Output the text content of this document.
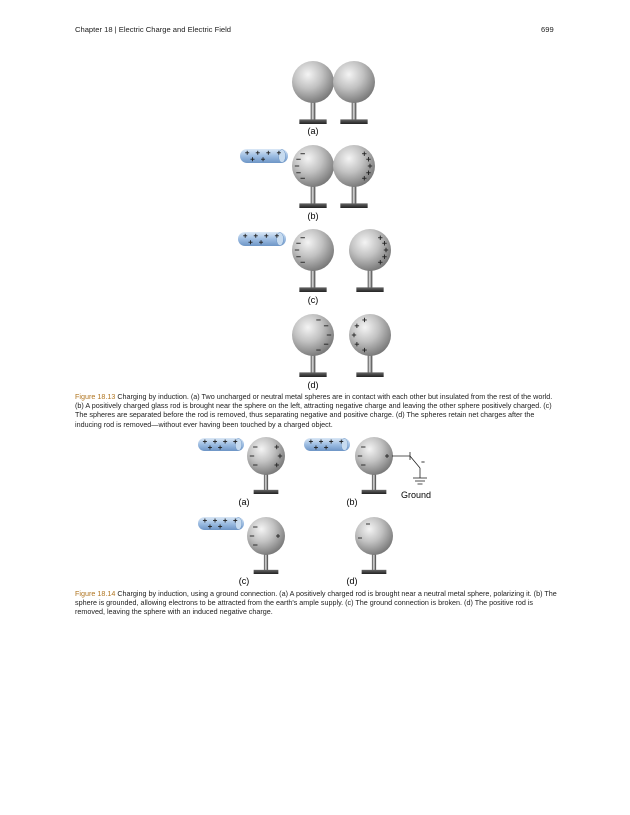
Chapter 18 | Electric Charge and Electric Field	699
(a)
(b)
(c)
(d)
(a)	(b)
(c)	(d)
Ground
Figure 18.13 Charging by induction. (a) Two uncharged or neutral metal spheres are in contact with each other but insulated from the rest of the world. (b) A positively charged glass rod is brought near the sphere on the left, attracting negative charge and leaving the other sphere positively charged. (c) The spheres are separated before the rod is removed, thus separating negative and positive charge. (d) The spheres retain net charges after the inducing rod is removed—without ever having been touched by a charged object.
Figure 18.14 Charging by induction, using a ground connection. (a) A positively charged rod is brought near a neutral metal sphere, polarizing it. (b) The sphere is grounded, allowing electrons to be attracted from the earth's ample supply. (c) The ground connection is broken. (d) The positive rod is removed, leaving the sphere with an induced negative charge.
